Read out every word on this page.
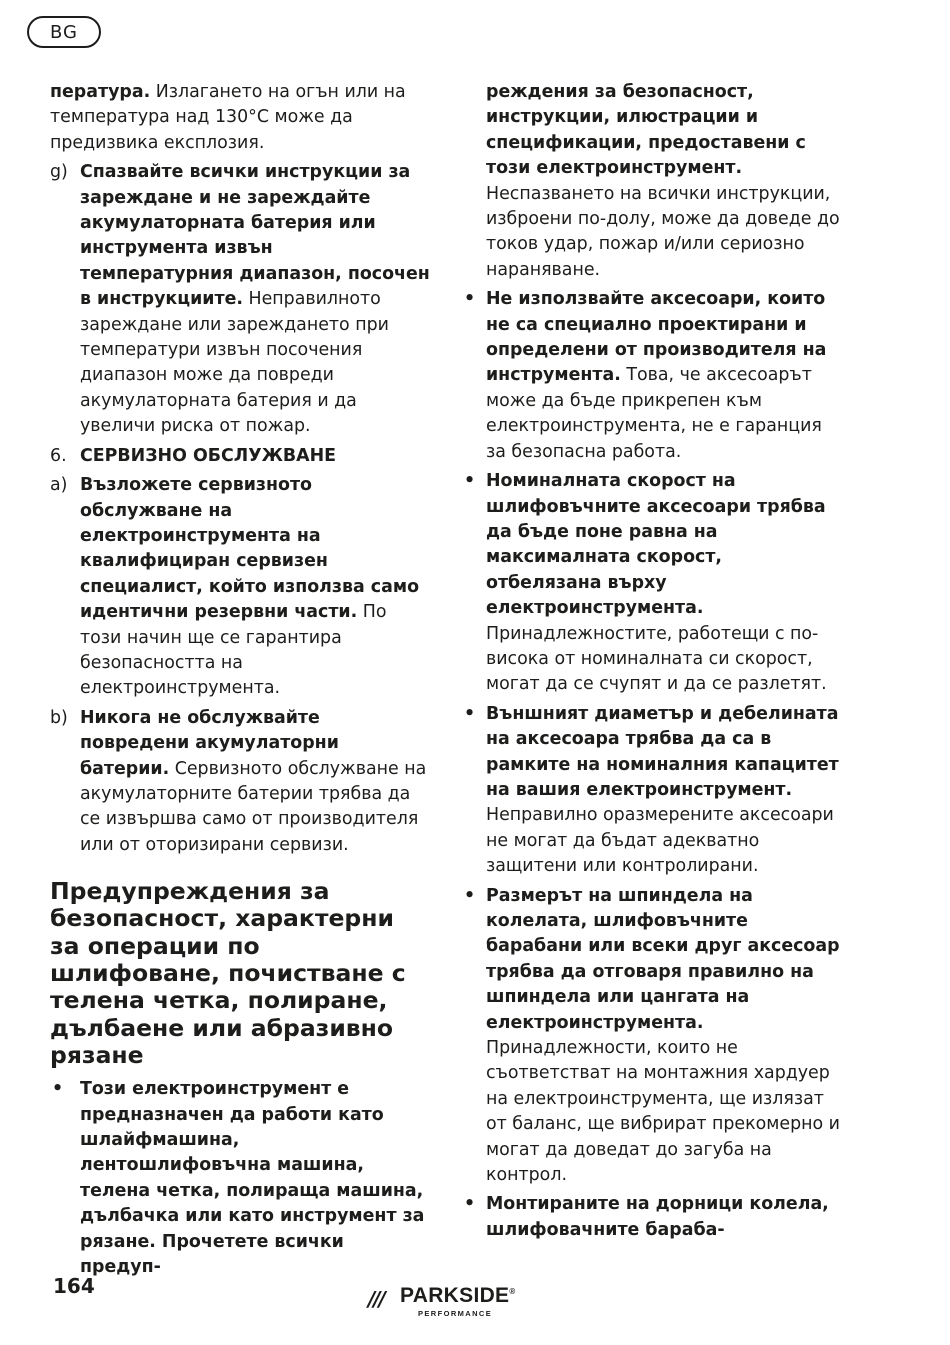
BG

пература. Излагането на огън или на температура над 130°C може да предизвика експлозия.

g) Спазвайте всички инструкции за зареждане и не зареждайте акумулаторната батерия или инструмента извън температурния диапазон, посочен в инструкциите. Неправилното зареждане или зареждането при температури извън посочения диапазон може да повреди акумулаторната батерия и да увеличи риска от пожар.
6. СЕРВИЗНО ОБСЛУЖВАНЕ
a) Възложете сервизното обслужване на електроинструмента на квалифициран сервизен специалист, който използва само идентични резервни части. По този начин ще се гарантира безопасността на електроинструмента.
b) Никога не обслужвайте повредени акумулаторни батерии. Сервизното обслужване на акумулаторните батерии трябва да се извършва само от производителя или от оторизирани сервизи.
Предупреждения за безопасност, характерни за операции по шлифоване, почистване с телена четка, полиране, дълбаене или абразивно рязане
• Този електроинструмент е предназначен да работи като шлайфмашина, лентошлифовъчна машина, телена четка, полираща машина, дълбачка или като инструмент за рязане. Прочетете всички предуп-

реждения за безопасност, инструкции, илюстрации и спецификации, предоставени с този електроинструмент. Неспазването на всички инструкции, изброени по-долу, може да доведе до токов удар, пожар и/или сериозно нараняване.

• Не използвайте аксесоари, които не са специално проектирани и определени от производителя на инструмента. Това, че аксесоарът може да бъде прикрепен към електроинструмента, не е гаранция за безопасна работа.
• Номиналната скорост на шлифовъчните аксесоари трябва да бъде поне равна на максималната скорост, отбелязана върху електроинструмента. Принадлежностите, работещи с по-висока от номиналната си скорост, могат да се счупят и да се разлетят.
• Външният диаметър и дебелината на аксесоара трябва да са в рамките на номиналния капацитет на вашия електроинструмент. Неправилно оразмерените аксесоари не могат да бъдат адекватно защитени или контролирани.
• Размерът на шпиндела на колелата, шлифовъчните барабани или всеки друг аксесоар трябва да отговаря правилно на шпиндела или цангата на електроинструмента. Принадлежности, които не съответстват на монтажния хардуер на електроинструмента, ще излязат от баланс, ще вибрират прекомерно и могат да доведат до загуба на контрол.
• Монтираните на дорници колела, шлифовачните бараба-
164
/// PARKSIDE®
PERFORMANCE
